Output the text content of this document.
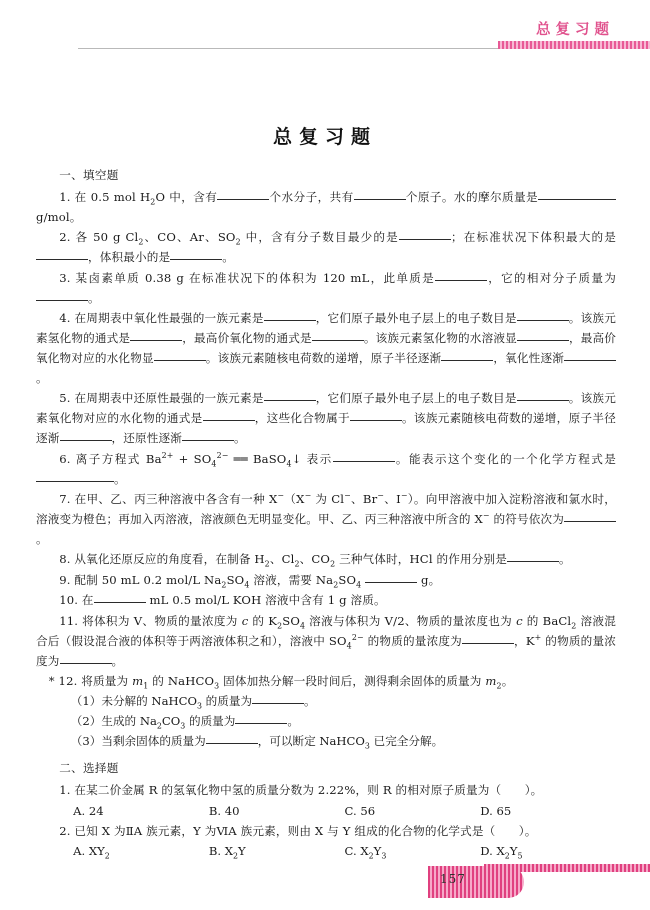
总复习题
总复习题
一、填空题

1. 在 0.5 mol $H_2O$ 中，含有	个水分子，共有	个原子。水的摩尔质量是g/mol。

2. 各 50 g $Cl_2$、CO、Ar、$SO_2$ 中，含有分子数目最少的是	；在标准状况下体积最大的是，体积最小的是	。

3. 某卤素单质 0.38 g 在标准状况下的体积为 120 mL，此单质是	，它的相对分子质量为。

4. 在周期表中氧化性最强的一族元素是	，它们原子最外电子层上的电子数目是	。该族元素氢化物的通式是	，最高价氧化物的通式是	。该族元素氢化物的水溶液显	，最高价氧化物对应的水化物显	。该族元素随核电荷数的递增，原子半径逐渐	，氧化性逐渐。

5. 在周期表中还原性最强的一族元素是	，它们原子最外电子层上的电子数目是	。该族元素氧化物对应的水化物的通式是	，这些化合物属于	。该族元素随核电荷数的递增，原子半径逐渐	，还原性逐渐	。

6. 离子方程式 $Ba^{2+} + SO_4^{2-}$ ══ BaSO$_4$↓ 表示	。能表示这个变化的一个化学方程式是。

7. 在甲、乙、丙三种溶液中各含有一种 X−（X− 为 Cl−、Br−、I−）。向甲溶液中加入淀粉溶液和氯水时，溶液变为橙色；再加入丙溶液，溶液颜色无明显变化。甲、乙、丙三种溶液中所含的 X− 的符号依次为。

8. 从氧化还原反应的角度看，在制备 $H_2$、$Cl_2$、$CO_2$ 三种气体时，HCl 的作用分别是	。

9. 配制 50 mL 0.2 mol/L $Na_2SO_4$ 溶液，需要 $Na_2SO_4$	g。

10. 在	mL 0.5 mol/L KOH 溶液中含有 1 g 溶质。

11. 将体积为 V、物质的量浓度为 c 的 $K_2SO_4$ 溶液与体积为 V/2、物质的量浓度也为 c 的 BaCl$_2$ 溶液混合后（假设混合液的体积等于两溶液体积之和），溶液中 $SO_4^{2-}$ 的物质的量浓度为	，K+ 的物质的量浓度为	。

* 12. 将质量为 $m_1$ 的 NaHCO$_3$ 固体加热分解一段时间后，测得剩余固体的质量为 $m_2$。

（1）未分解的 NaHCO$_3$ 的质量为	。

（2）生成的 $Na_2CO_3$ 的质量为	。

（3）当剩余固体的质量为	，可以断定 NaHCO$_3$ 已完全分解。

二、选择题

1. 在某二价金属 R 的氢氧化物中氢的质量分数为 2.22%，则 R 的相对原子质量为（　　）。

A. 24	B. 40	C. 56	D. 65

2. 已知 X 为ⅡA 族元素，Y 为ⅥA 族元素，则由 X 与 Y 组成的化合物的化学式是（　　）。

A. $XY_2$	B. $X_2Y$	C. $X_2Y_3$	D. $X_2Y_5$

157
